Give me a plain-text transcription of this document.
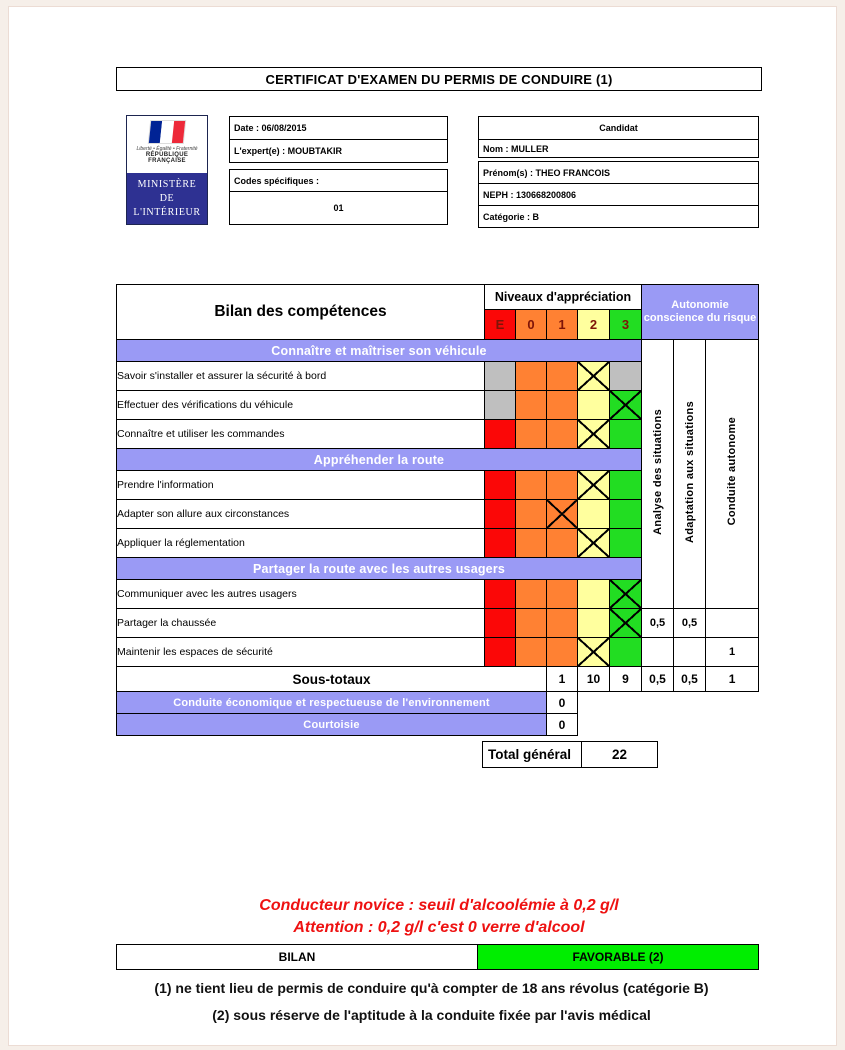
CERTIFICAT D'EXAMEN DU PERMIS DE CONDUIRE (1)
Liberté • Égalité • Fraternité
RÉPUBLIQUE FRANÇAISE
MINISTÈRE
DE
L'INTÉRIEUR
Date : 06/08/2015
L'expert(e) : MOUBTAKIR
Codes spécifiques :
01
Candidat
Nom : MULLER
Prénom(s) : THEO FRANCOIS
NEPH : 130668200806
Catégorie : B
Bilan des compétences	Niveaux d'appréciation					Autonomie conscience du risque		
	E	0	1	2	3			
Connaître et maîtriser son véhicule						Analyse des situations	Adaptation aux situations	Conduite autonome
Savoir s'installer et assurer la sécurité à bord							

Effectuer des vérifications du véhicule								

Connaître et utiliser les commandes							

Appréhender la route								
Prendre l'information							

Adapter son allure aux circonstances						

Appliquer la réglementation							

Partager la route avec les autres usagers								
Communiquer avec les autres usagers								

Partager la chaussée						0,5	0,5	
Maintenir les espaces de sécurité								1
Sous-totaux			1	10	9	0,5	0,5	1
Conduite économique et respectueuse de l'environnement			0					
Courtoisie			0					
Total général	22
Conducteur novice : seuil d'alcoolémie à 0,2 g/l
Attention : 0,2 g/l c'est 0 verre d'alcool
BILAN	FAVORABLE (2)
(1) ne tient lieu de permis de conduire qu'à compter de 18 ans révolus (catégorie B)
(2) sous réserve de l'aptitude à la conduite fixée par l'avis médical
